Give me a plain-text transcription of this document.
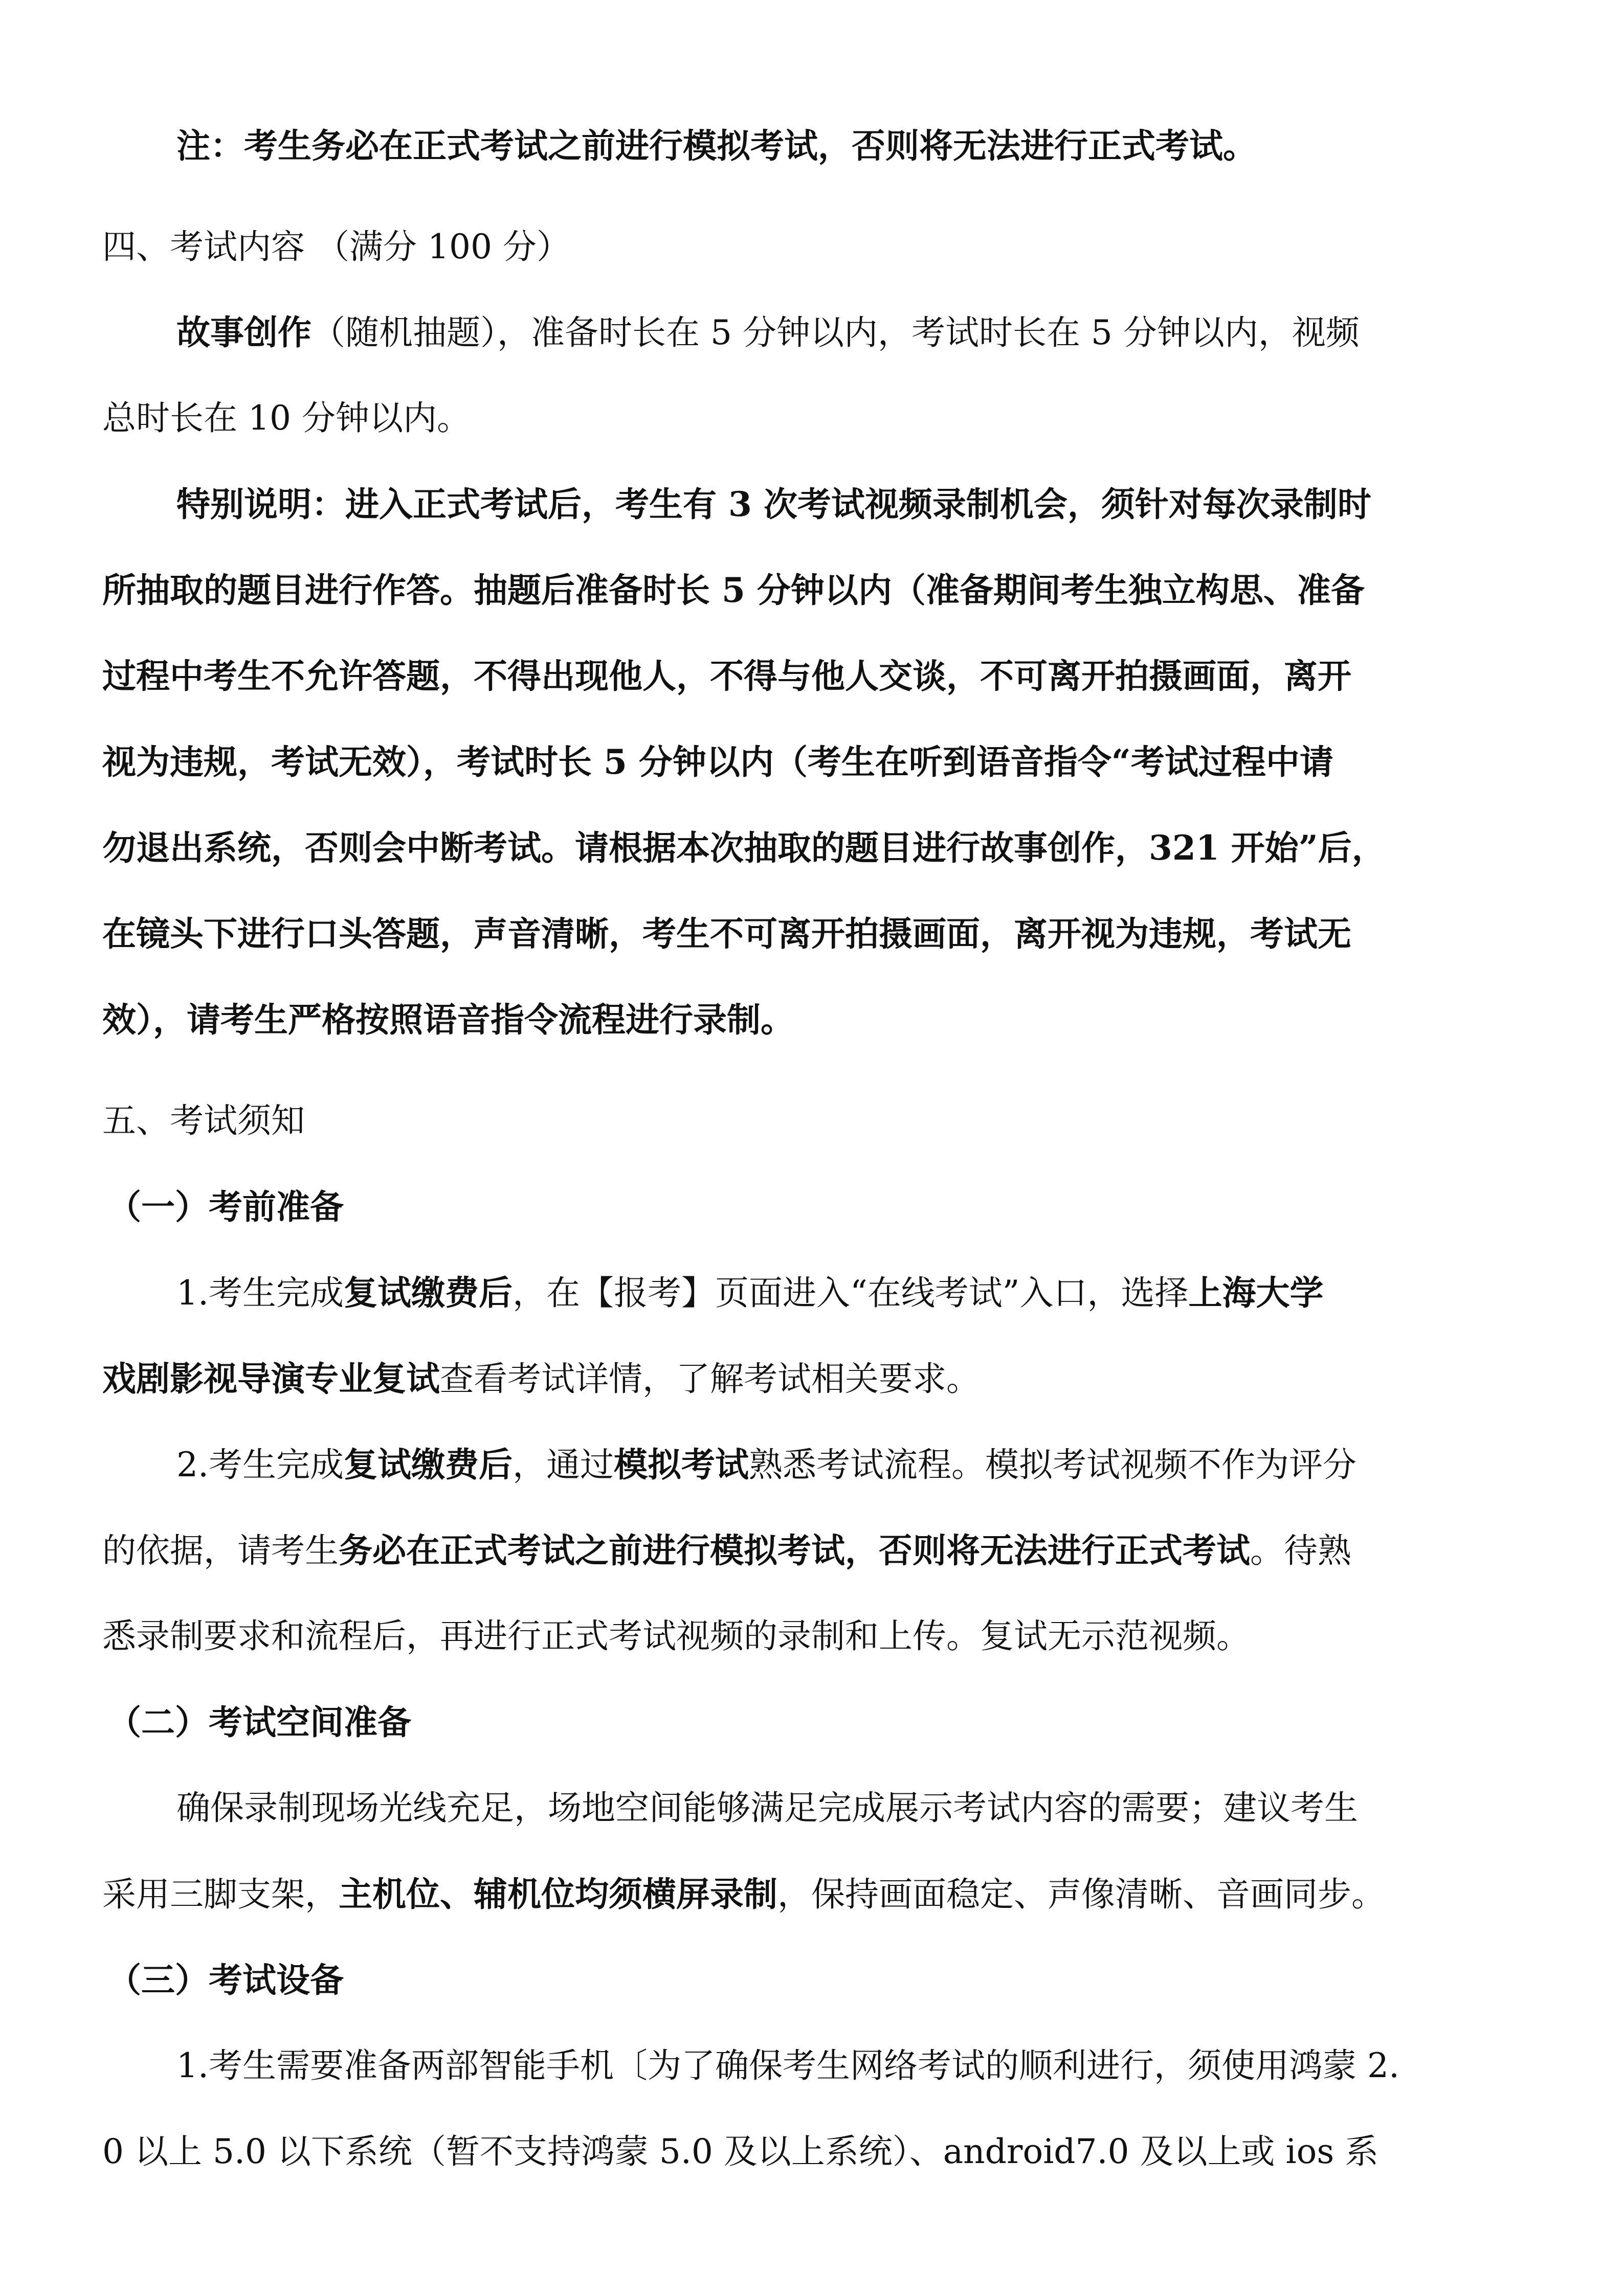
注：考生务必在正式考试之前进行模拟考试，否则将无法进行正式考试。
四、考试内容 （满分 100 分）
故事创作（随机抽题），准备时长在 5 分钟以内，考试时长在 5 分钟以内，视频
总时长在 10 分钟以内。
特别说明：进入正式考试后，考生有 3 次考试视频录制机会，须针对每次录制时
所抽取的题目进行作答。抽题后准备时长 5 分钟以内（准备期间考生独立构思、准备
过程中考生不允许答题，不得出现他人，不得与他人交谈，不可离开拍摄画面，离开
视为违规，考试无效），考试时长 5 分钟以内（考生在听到语音指令“考试过程中请
勿退出系统，否则会中断考试。请根据本次抽取的题目进行故事创作，321 开始”后，
在镜头下进行口头答题，声音清晰，考生不可离开拍摄画面，离开视为违规，考试无
效），请考生严格按照语音指令流程进行录制。
五、考试须知
（一）考前准备
1.考生完成复试缴费后，在【报考】页面进入“在线考试”入口，选择上海大学
戏剧影视导演专业复试查看考试详情，了解考试相关要求。
2.考生完成复试缴费后，通过模拟考试熟悉考试流程。模拟考试视频不作为评分
的依据，请考生务必在正式考试之前进行模拟考试，否则将无法进行正式考试。待熟
悉录制要求和流程后，再进行正式考试视频的录制和上传。复试无示范视频。
（二）考试空间准备
确保录制现场光线充足，场地空间能够满足完成展示考试内容的需要；建议考生
采用三脚支架，主机位、辅机位均须横屏录制，保持画面稳定、声像清晰、音画同步。
（三）考试设备
1.考生需要准备两部智能手机〔为了确保考生网络考试的顺利进行，须使用鸿蒙 2.
0 以上 5.0 以下系统（暂不支持鸿蒙 5.0 及以上系统）、android7.0 及以上或 ios 系
